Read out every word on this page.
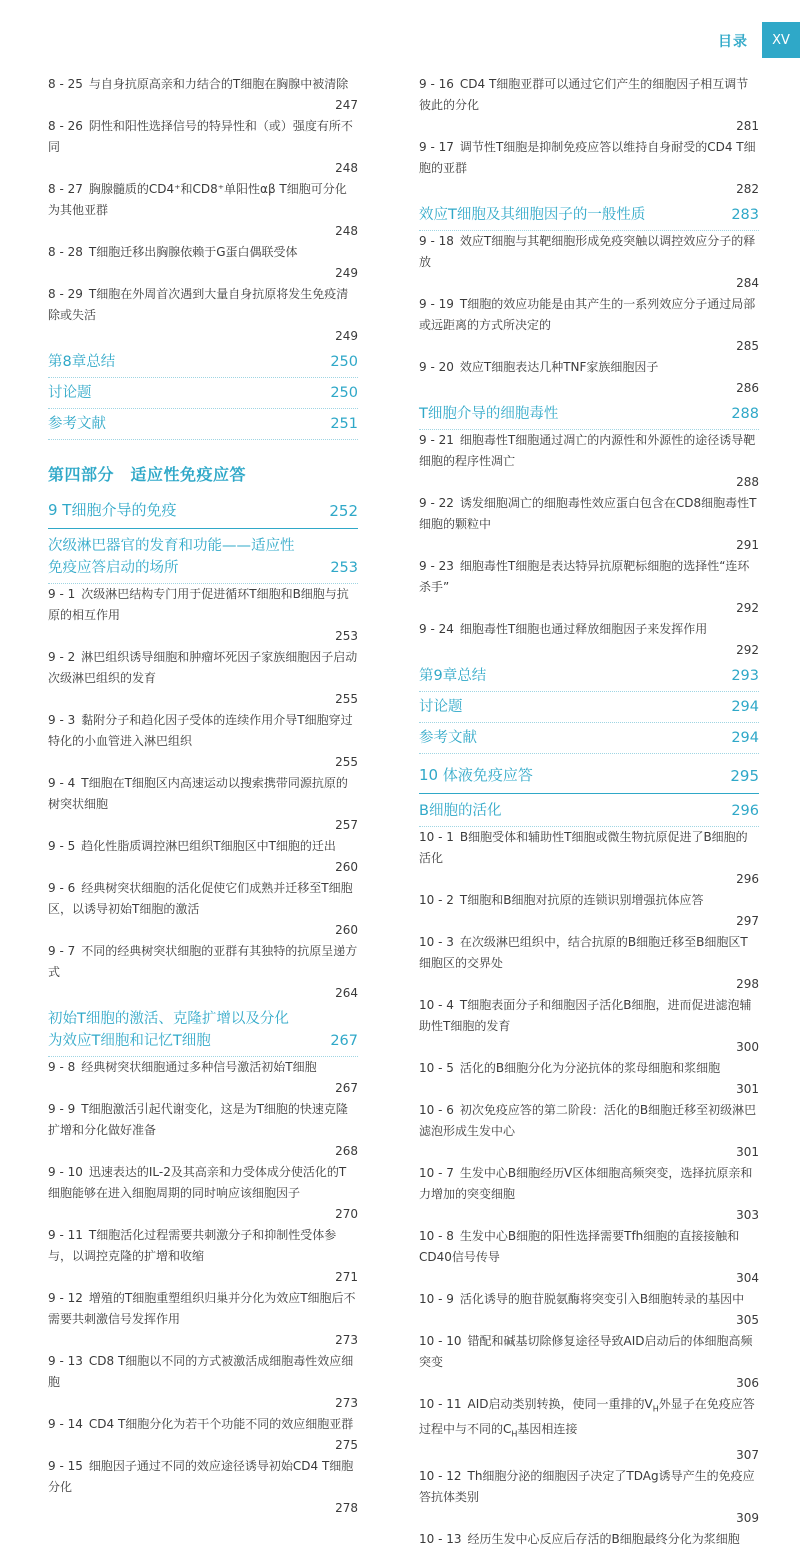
目录	XV
8 - 25 与自身抗原高亲和力结合的T细胞在胸腺中被清除
247
8 - 26 阴性和阳性选择信号的特异性和（或）强度有所不同
248
8 - 27 胸腺髓质的CD4⁺和CD8⁺单阳性αβ T细胞可分化为其他亚群
248
8 - 28 T细胞迁移出胸腺依赖于G蛋白偶联受体
249
8 - 29 T细胞在外周首次遇到大量自身抗原将发生免疫清除或失活
249
第8章总结	250
讨论题	250
参考文献	251
第四部分　适应性免疫应答
9 T细胞介导的免疫	252
次级淋巴器官的发育和功能——适应性免疫应答启动的场所	253
9 - 1 次级淋巴结构专门用于促进循环T细胞和B细胞与抗原的相互作用
253
9 - 2 淋巴组织诱导细胞和肿瘤坏死因子家族细胞因子启动次级淋巴组织的发育
255
9 - 3 黏附分子和趋化因子受体的连续作用介导T细胞穿过特化的小血管进入淋巴组织
255
9 - 4 T细胞在T细胞区内高速运动以搜索携带同源抗原的树突状细胞
257
9 - 5 趋化性脂质调控淋巴组织T细胞区中T细胞的迁出
260
9 - 6 经典树突状细胞的活化促使它们成熟并迁移至T细胞区，以诱导初始T细胞的激活
260
9 - 7 不同的经典树突状细胞的亚群有其独特的抗原呈递方式
264
初始T细胞的激活、克隆扩增以及分化为效应T细胞和记忆T细胞	267
9 - 8 经典树突状细胞通过多种信号激活初始T细胞
267
9 - 9 T细胞激活引起代谢变化，这是为T细胞的快速克隆扩增和分化做好准备
268
9 - 10 迅速表达的IL-2及其高亲和力受体成分使活化的T细胞能够在进入细胞周期的同时响应该细胞因子
270
9 - 11 T细胞活化过程需要共刺激分子和抑制性受体参与，以调控克隆的扩增和收缩
271
9 - 12 增殖的T细胞重塑组织归巢并分化为效应T细胞后不需要共刺激信号发挥作用
273
9 - 13 CD8 T细胞以不同的方式被激活成细胞毒性效应细胞
273
9 - 14 CD4 T细胞分化为若干个功能不同的效应细胞亚群
275
9 - 15 细胞因子通过不同的效应途径诱导初始CD4 T细胞分化
278
9 - 16 CD4 T细胞亚群可以通过它们产生的细胞因子相互调节彼此的分化
281
9 - 17 调节性T细胞是抑制免疫应答以维持自身耐受的CD4 T细胞的亚群
282
效应T细胞及其细胞因子的一般性质	283
9 - 18 效应T细胞与其靶细胞形成免疫突触以调控效应分子的释放
284
9 - 19 T细胞的效应功能是由其产生的一系列效应分子通过局部或远距离的方式所决定的
285
9 - 20 效应T细胞表达几种TNF家族细胞因子
286
T细胞介导的细胞毒性	288
9 - 21 细胞毒性T细胞通过凋亡的内源性和外源性的途径诱导靶细胞的程序性凋亡
288
9 - 22 诱发细胞凋亡的细胞毒性效应蛋白包含在CD8细胞毒性T细胞的颗粒中
291
9 - 23 细胞毒性T细胞是表达特异抗原靶标细胞的选择性“连环杀手”
292
9 - 24 细胞毒性T细胞也通过释放细胞因子来发挥作用
292
第9章总结	293
讨论题	294
参考文献	294
10 体液免疫应答	295
B细胞的活化	296
10 - 1 B细胞受体和辅助性T细胞或微生物抗原促进了B细胞的活化
296
10 - 2 T细胞和B细胞对抗原的连锁识别增强抗体应答
297
10 - 3 在次级淋巴组织中，结合抗原的B细胞迁移至B细胞区T细胞区的交界处
298
10 - 4 T细胞表面分子和细胞因子活化B细胞，进而促进滤泡辅助性T细胞的发育
300
10 - 5 活化的B细胞分化为分泌抗体的浆母细胞和浆细胞
301
10 - 6 初次免疫应答的第二阶段：活化的B细胞迁移至初级淋巴滤泡形成生发中心
301
10 - 7 生发中心B细胞经历V区体细胞高频突变，选择抗原亲和力增加的突变细胞
303
10 - 8 生发中心B细胞的阳性选择需要Tfh细胞的直接接触和CD40信号传导
304
10 - 9 活化诱导的胞苷脱氨酶将突变引入B细胞转录的基因中
305
10 - 10 错配和碱基切除修复途径导致AID启动后的体细胞高频突变
306
10 - 11 AID启动类别转换，使同一重排的$V_H$外显子在免疫应答过程中与不同的$C_H$基因相连接
307
10 - 12 Th细胞分泌的细胞因子决定了TDAg诱导产生的免疫应答抗体类别
309
10 - 13 经历生发中心反应后存活的B细胞最终分化为浆细胞
